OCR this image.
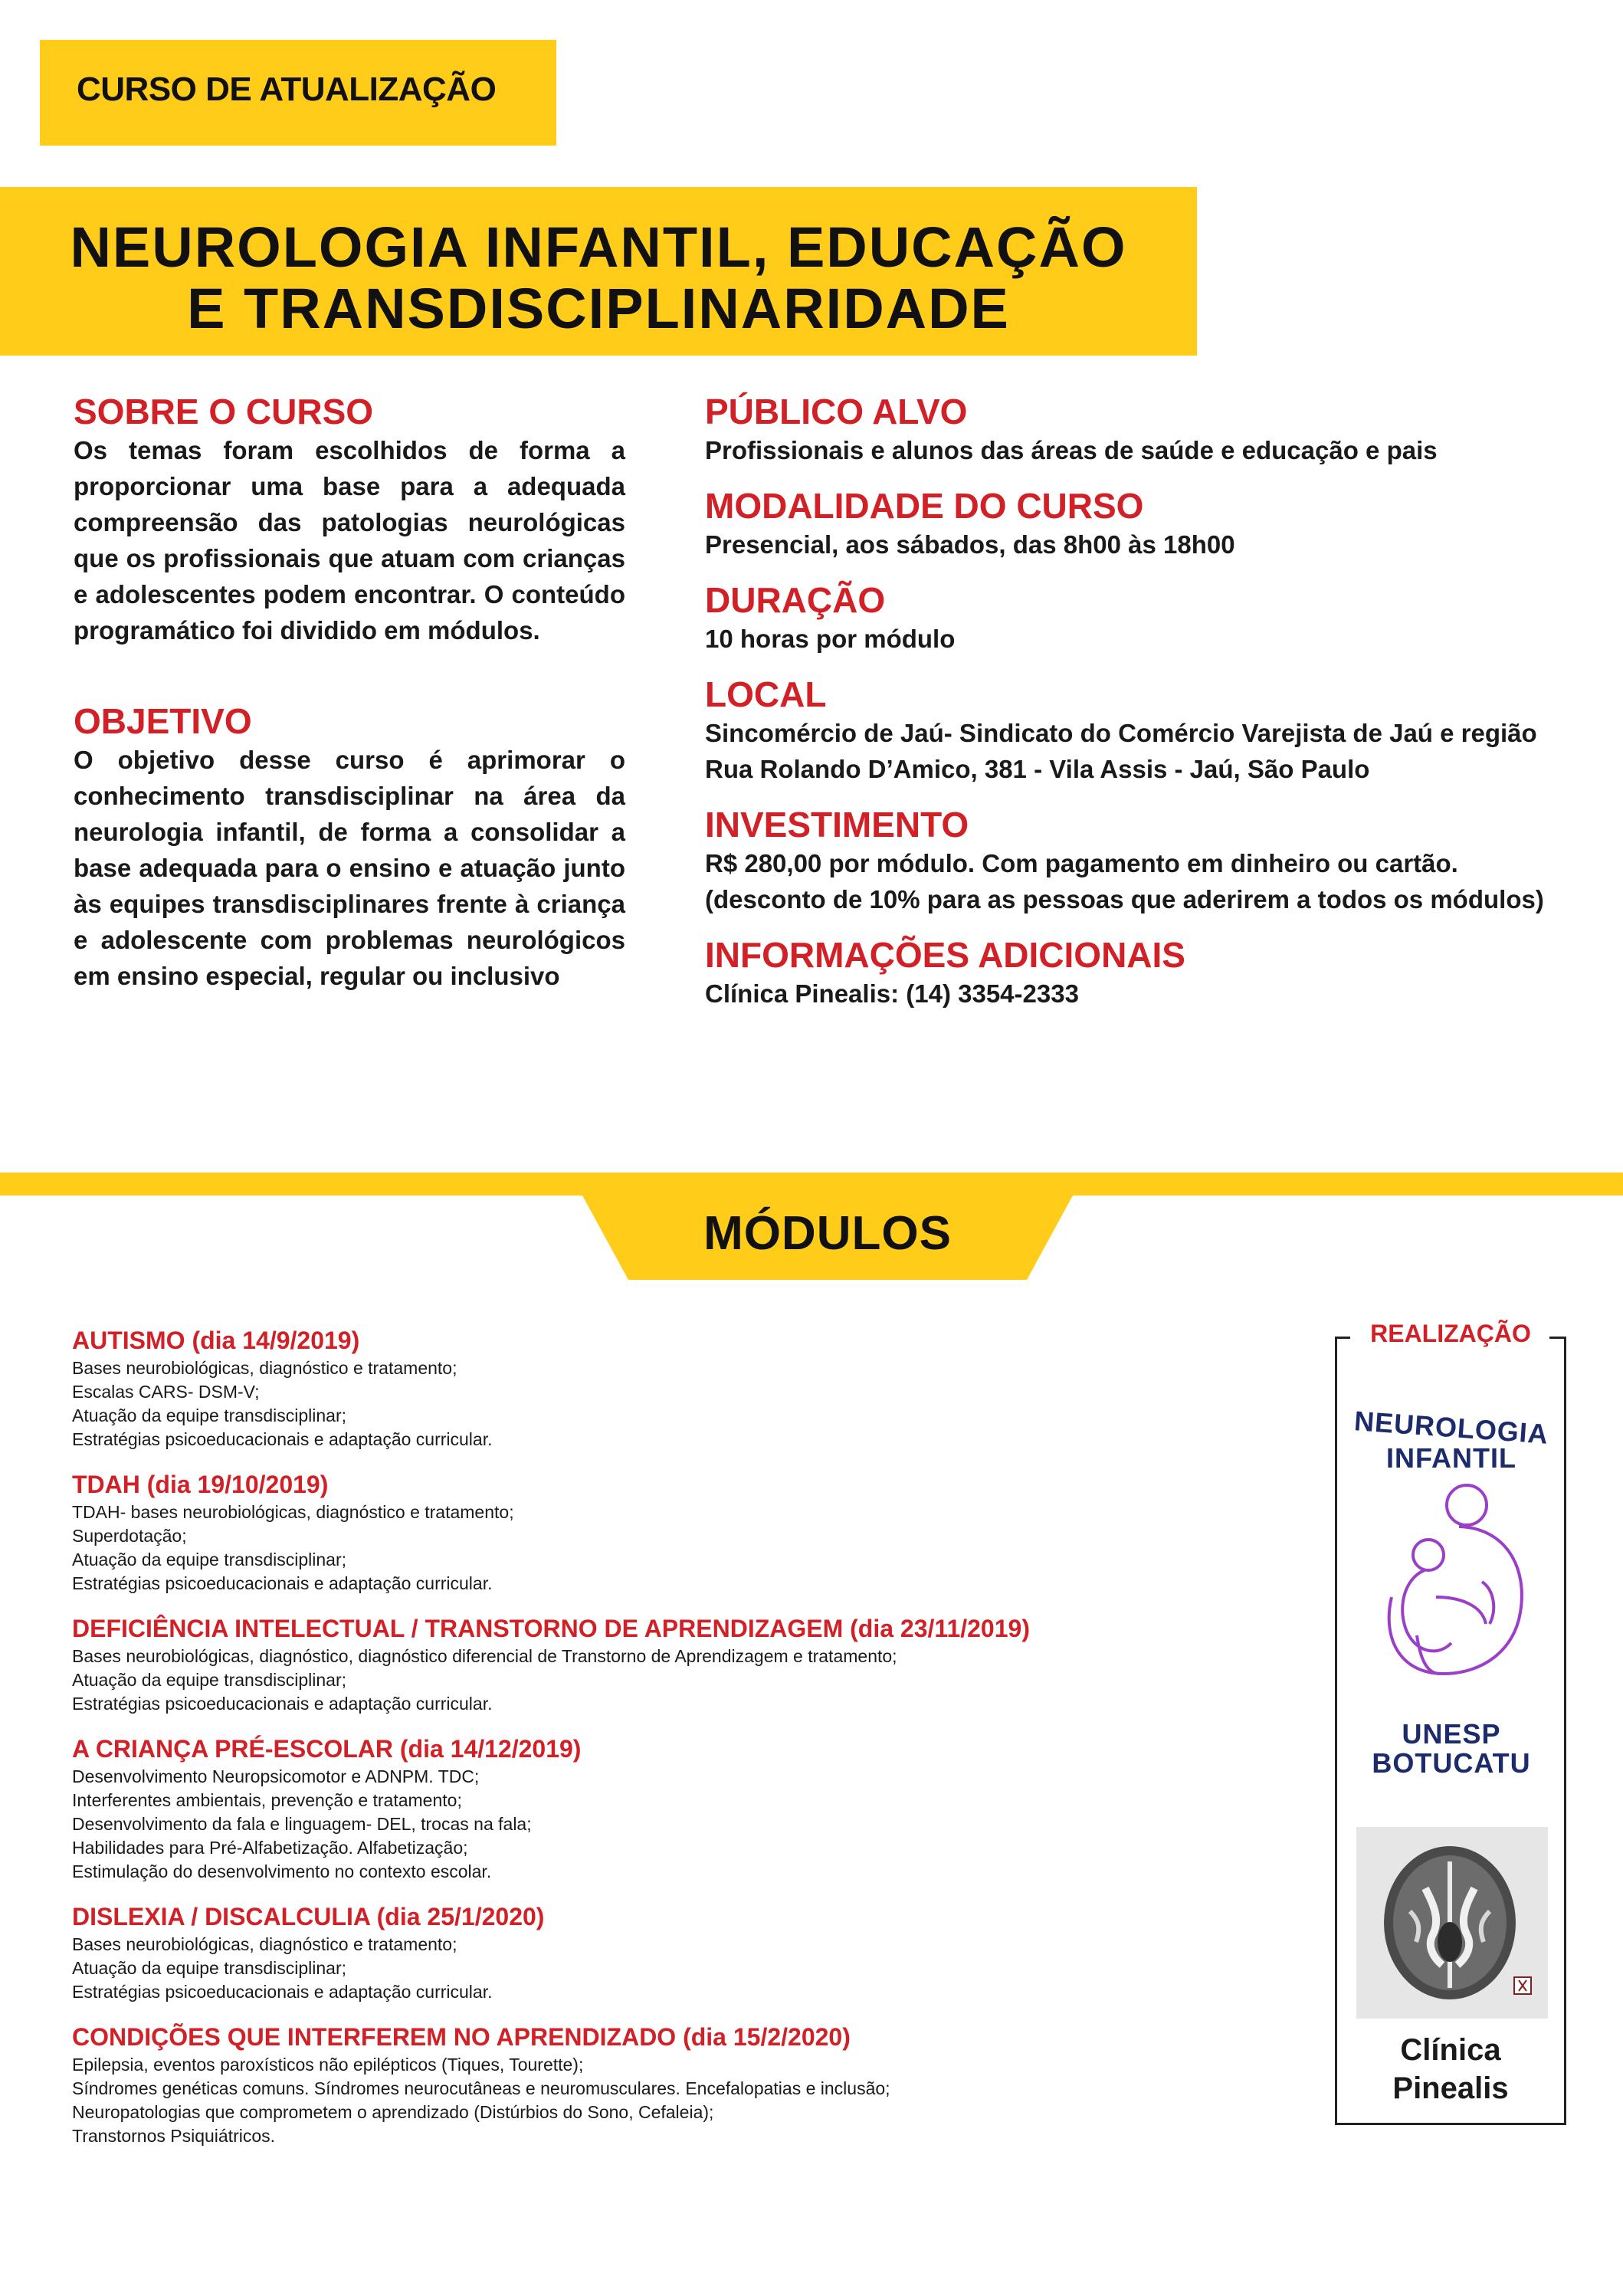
CURSO DE ATUALIZAÇÃO
NEUROLOGIA INFANTIL, EDUCAÇÃO
E TRANSDISCIPLINARIDADE
SOBRE O CURSO

Os temas foram escolhidos de forma a proporcionar uma base para a adequada compreensão das patologias neurológicas que os profissionais que atuam com crianças e adolescentes podem encontrar. O conteúdo programático foi dividido em módulos.

OBJETIVO

O objetivo desse curso é aprimorar o conhecimento transdisciplinar na área da neurologia infantil, de forma a consolidar a base adequada para o ensino e atuação junto às equipes transdisciplinares frente à criança e adolescente com problemas neurológicos em ensino especial, regular ou inclusivo

PÚBLICO ALVO

Profissionais e alunos das áreas de saúde e educação e pais

MODALIDADE DO CURSO

Presencial, aos sábados, das 8h00 às 18h00

DURAÇÃO

10 horas por módulo

LOCAL

Sincomércio de Jaú- Sindicato do Comércio Varejista de Jaú e região

Rua Rolando D’Amico, 381 - Vila Assis - Jaú, São Paulo

INVESTIMENTO

R$ 280,00 por módulo. Com pagamento em dinheiro ou cartão.

(desconto de 10% para as pessoas que aderirem a todos os módulos)

INFORMAÇÕES ADICIONAIS

Clínica Pinealis: (14) 3354-2333

MÓDULOS

AUTISMO (dia 14/9/2019)

Bases neurobiológicas, diagnóstico e tratamento;

Escalas CARS- DSM-V;

Atuação da equipe transdisciplinar;

Estratégias psicoeducacionais e adaptação curricular.

TDAH (dia 19/10/2019)

TDAH- bases neurobiológicas, diagnóstico e tratamento;

Superdotação;

Atuação da equipe transdisciplinar;

Estratégias psicoeducacionais e adaptação curricular.

DEFICIÊNCIA INTELECTUAL / TRANSTORNO DE APRENDIZAGEM (dia 23/11/2019)

Bases neurobiológicas, diagnóstico, diagnóstico diferencial de Transtorno de Aprendizagem e tratamento;

Atuação da equipe transdisciplinar;

Estratégias psicoeducacionais e adaptação curricular.

A CRIANÇA PRÉ-ESCOLAR (dia 14/12/2019)

Desenvolvimento Neuropsicomotor e ADNPM. TDC;

Interferentes ambientais, prevenção e tratamento;

Desenvolvimento da fala e linguagem- DEL, trocas na fala;

Habilidades para Pré-Alfabetização. Alfabetização;

Estimulação do desenvolvimento no contexto escolar.

DISLEXIA / DISCALCULIA (dia 25/1/2020)

Bases neurobiológicas, diagnóstico e tratamento;

Atuação da equipe transdisciplinar;

Estratégias psicoeducacionais e adaptação curricular.

CONDIÇÕES QUE INTERFEREM NO APRENDIZADO (dia 15/2/2020)

Epilepsia, eventos paroxísticos não epilépticos (Tiques, Tourette);

Síndromes genéticas comuns. Síndromes neurocutâneas e neuromusculares. Encefalopatias e inclusão;

Neuropatologias que comprometem o aprendizado (Distúrbios do Sono, Cefaleia);

Transtornos Psiquiátricos.

REALIZAÇÃO
NEUROLOGIA
INFANTIL
UNESP
BOTUCATU
Clínica
Pinealis
